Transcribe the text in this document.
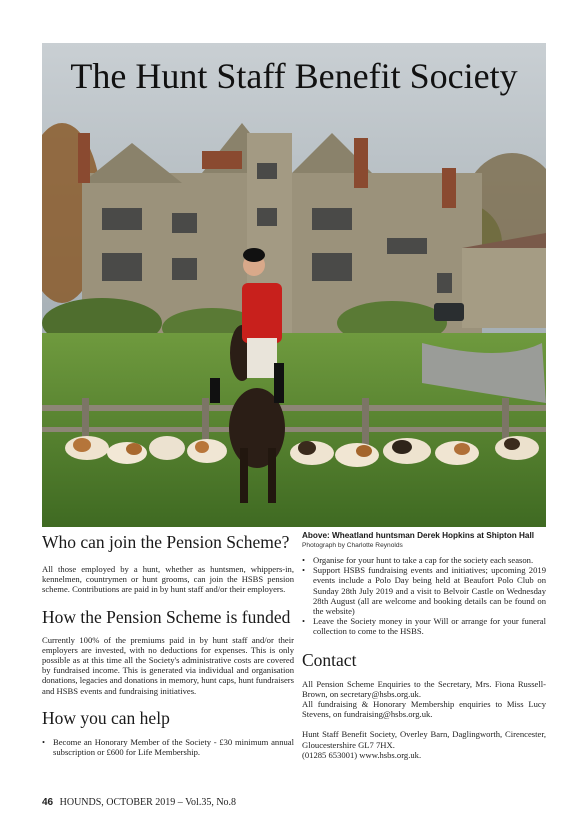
The Hunt Staff Benefit Society
Who can join the Pension Scheme?

All those employed by a hunt, whether as huntsmen, whippers-in, kennelmen, countrymen or hunt grooms, can join the HSBS pension scheme. Contributions are paid in by hunt staff and/or their employers.

How the Pension Scheme is funded

Currently 100% of the premiums paid in by hunt staff and/or their employers are invested, with no deductions for expenses. This is only possible as at this time all the Society's administrative costs are covered by fundraised income. This is generated via individual and organisation donations, legacies and donations in memory, hunt caps, hunt fundraisers and HSBS events and fundraising initiatives.

How you can help
• Become an Honorary Member of the Society - £30 minimum annual subscription or £600 for Life Membership.

Above: Wheatland huntsman Derek Hopkins at Shipton Hall

Photograph by Charlotte Reynolds

• Organise for your hunt to take a cap for the society each season.
• Support HSBS fundraising events and initiatives; upcoming 2019 events include a Polo Day being held at Beaufort Polo Club on Sunday 28th July 2019 and a visit to Belvoir Castle on Wednesday 28th August (all are welcome and booking details can be found on the website)
• Leave the Society money in your Will or arrange for your funeral collection to come to the HSBS.
Contact

All Pension Scheme Enquiries to the Secretary, Mrs. Fiona Russell-Brown, on secretary@hsbs.org.uk.

All fundraising & Honorary Membership enquiries to Miss Lucy Stevens, on fundraising@hsbs.org.uk.

Hunt Staff Benefit Society, Overley Barn, Daglingworth, Cirencester, Gloucestershire GL7 7HX.

(01285 653001) www.hsbs.org.uk.

46 HOUNDS, OCTOBER 2019 – Vol.35, No.8
